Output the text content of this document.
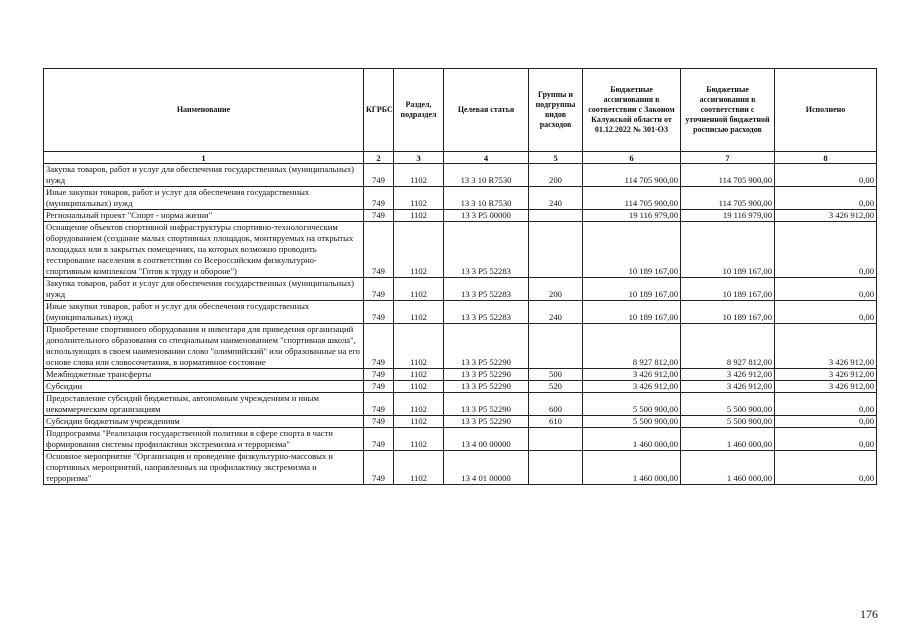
Наименование	КГРБС	Раздел, подраздел	Целевая статья	Группы и подгруппы видов расходов	Бюджетные ассигнования в соответствии с Законом Калужской области от 01.12.2022 № 301-ОЗ	Бюджетные ассигнования в соответствии с уточненной бюджетной росписью расходов	Исполнено
1	2	3	4	5	6	7	8
Закупка товаров, работ и услуг для обеспечения государственных (муниципальных) нужд	749	1102	13 3 10 R7530	200	114 705 900,00	114 705 900,00	0,00
Иные закупки товаров, работ и услуг для обеспечения государственных (муниципальных) нужд	749	1102	13 3 10 R7530	240	114 705 900,00	114 705 900,00	0,00
Региональный проект "Спорт - норма жизни"	749	1102	13 3 P5 00000		19 116 979,00	19 116 979,00	3 426 912,00
Оснащение объектов спортивной инфраструктуры спортивно-технологическим оборудованием (создание малых спортивных площадок, монтируемых на открытых площадках или в закрытых помещениях, на которых возможно проводить тестирование населения в соответствии со Всероссийским физкультурно-спортивным комплексом "Готов к труду и обороне")	749	1102	13 3 P5 52283		10 189 167,00	10 189 167,00	0,00
Закупка товаров, работ и услуг для обеспечения государственных (муниципальных) нужд	749	1102	13 3 P5 52283	200	10 189 167,00	10 189 167,00	0,00
Иные закупки товаров, работ и услуг для обеспечения государственных (муниципальных) нужд	749	1102	13 3 P5 52283	240	10 189 167,00	10 189 167,00	0,00
Приобретение спортивного оборудования и инвентаря для приведения организаций дополнительного образования со специальным наименованием "спортивная школа", использующих в своем наименовании слово "олимпийский" или образованные на его основе слова или словосочетания, в нормативное состояние	749	1102	13 3 P5 52290		8 927 812,00	8 927 812,00	3 426 912,00
Межбюджетные трансферты	749	1102	13 3 P5 52290	500	3 426 912,00	3 426 912,00	3 426 912,00
Субсидии	749	1102	13 3 P5 52290	520	3 426 912,00	3 426 912,00	3 426 912,00
Предоставление субсидий бюджетным, автономным учреждениям и иным некоммерческим организациям	749	1102	13 3 P5 52290	600	5 500 900,00	5 500 900,00	0,00
Субсидии бюджетным учреждениям	749	1102	13 3 P5 52290	610	5 500 900,00	5 500 900,00	0,00
Подпрограмма "Реализация государственной политики в сфере спорта в части формирования системы профилактики экстремизма и терроризма"	749	1102	13 4 00 00000		1 460 000,00	1 460 000,00	0,00
Основное мероприятие "Организация и проведение физкультурно-массовых и спортивных мероприятий, направленных на профилактику экстремизма и терроризма"	749	1102	13 4 01 00000		1 460 000,00	1 460 000,00	0,00
176
